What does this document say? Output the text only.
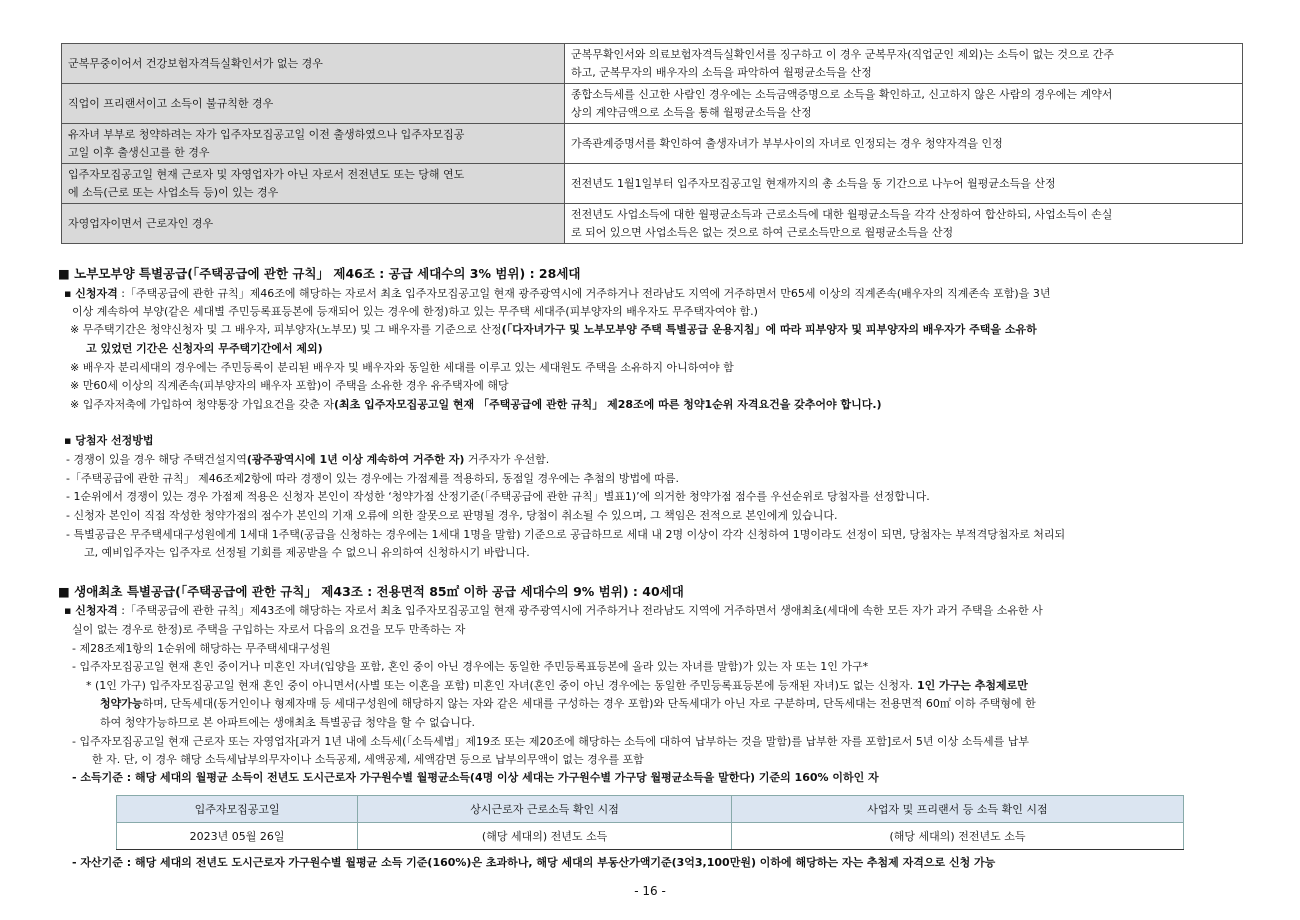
군복무중이어서 건강보험자격득실확인서가 없는 경우	군복무확인서와 의료보험자격득실확인서를 징구하고 이 경우 군복무자(직업군인 제외)는 소득이 없는 것으로 간주
하고, 군복무자의 배우자의 소득을 파악하여 월평균소득을 산정
직업이 프리랜서이고 소득이 불규칙한 경우	종합소득세를 신고한 사람인 경우에는 소득금액증명으로 소득을 확인하고, 신고하지 않은 사람의 경우에는 계약서
상의 계약금액으로 소득을 통해 월평균소득을 산정
유자녀 부부로 청약하려는 자가 입주자모집공고일 이전 출생하였으나 입주자모집공
고일 이후 출생신고를 한 경우	가족관계증명서를 확인하여 출생자녀가 부부사이의 자녀로 인정되는 경우 청약자격을 인정
입주자모집공고일 현재 근로자 및 자영업자가 아닌 자로서 전전년도 또는 당해 연도
에 소득(근로 또는 사업소득 등)이 있는 경우	전전년도 1월1일부터 입주자모집공고일 현재까지의 총 소득을 동 기간으로 나누어 월평균소득을 산정
자영업자이면서 근로자인 경우	전전년도 사업소득에 대한 월평균소득과 근로소득에 대한 월평균소득을 각각 산정하여 합산하되, 사업소득이 손실
로 되어 있으면 사업소득은 없는 것으로 하여 근로소득만으로 월평균소득을 산정
■ 노부모부양 특별공급(「주택공급에 관한 규칙」 제46조 : 공급 세대수의 3% 범위) : 28세대
▪ 신청자격 :「주택공급에 관한 규칙」제46조에 해당하는 자로서 최초 입주자모집공고일 현재 광주광역시에 거주하거나 전라남도 지역에 거주하면서 만65세 이상의 직계존속(배우자의 직계존속 포함)을 3년
이상 계속하여 부양(같은 세대별 주민등록표등본에 등재되어 있는 경우에 한정)하고 있는 무주택 세대주(피부양자의 배우자도 무주택자여야 함.)
※ 무주택기간은 청약신청자 및 그 배우자, 피부양자(노부모) 및 그 배우자를 기준으로 산정(「다자녀가구 및 노부모부양 주택 특별공급 운용지침」에 따라 피부양자 및 피부양자의 배우자가 주택을 소유하
고 있었던 기간은 신청자의 무주택기간에서 제외)
※ 배우자 분리세대의 경우에는 주민등록이 분리된 배우자 및 배우자와 동일한 세대를 이루고 있는 세대원도 주택을 소유하지 아니하여야 함
※ 만60세 이상의 직계존속(피부양자의 배우자 포함)이 주택을 소유한 경우 유주택자에 해당
※ 입주자저축에 가입하여 청약통장 가입요건을 갖춘 자(최초 입주자모집공고일 현재 「주택공급에 관한 규칙」 제28조에 따른 청약1순위 자격요건을 갖추어야 합니다.)
▪ 당첨자 선정방법
- 경쟁이 있을 경우 해당 주택건설지역(광주광역시에 1년 이상 계속하여 거주한 자) 거주자가 우선함.
-「주택공급에 관한 규칙」 제46조제2항에 따라 경쟁이 있는 경우에는 가점제를 적용하되, 동점일 경우에는 추첨의 방법에 따름.
- 1순위에서 경쟁이 있는 경우 가점제 적용은 신청자 본인이 작성한 ‘청약가점 산정기준(「주택공급에 관한 규칙」별표1)’에 의거한 청약가점 점수를 우선순위로 당첨자를 선정합니다.
- 신청자 본인이 직접 작성한 청약가점의 점수가 본인의 기재 오류에 의한 잘못으로 판명될 경우, 당첨이 취소될 수 있으며, 그 책임은 전적으로 본인에게 있습니다.
- 특별공급은 무주택세대구성원에게 1세대 1주택(공급을 신청하는 경우에는 1세대 1명을 말함) 기준으로 공급하므로 세대 내 2명 이상이 각각 신청하여 1명이라도 선정이 되면, 당첨자는 부적격당첨자로 처리되
고, 예비입주자는 입주자로 선정될 기회를 제공받을 수 없으니 유의하여 신청하시기 바랍니다.
■ 생애최초 특별공급(「주택공급에 관한 규칙」 제43조 : 전용면적 85㎡ 이하 공급 세대수의 9% 범위) : 40세대
▪ 신청자격 :「주택공급에 관한 규칙」제43조에 해당하는 자로서 최초 입주자모집공고일 현재 광주광역시에 거주하거나 전라남도 지역에 거주하면서 생애최초(세대에 속한 모든 자가 과거 주택을 소유한 사
실이 없는 경우로 한정)로 주택을 구입하는 자로서 다음의 요건을 모두 만족하는 자
- 제28조제1항의 1순위에 해당하는 무주택세대구성원
- 입주자모집공고일 현재 혼인 중이거나 미혼인 자녀(입양을 포함, 혼인 중이 아닌 경우에는 동일한 주민등록표등본에 올라 있는 자녀를 말함)가 있는 자 또는 1인 가구*
* (1인 가구) 입주자모집공고일 현재 혼인 중이 아니면서(사별 또는 이혼을 포함) 미혼인 자녀(혼인 중이 아닌 경우에는 동일한 주민등록표등본에 등재된 자녀)도 없는 신청자. 1인 가구는 추첨제로만
청약가능하며, 단독세대(동거인이나 형제자매 등 세대구성원에 해당하지 않는 자와 같은 세대를 구성하는 경우 포함)와 단독세대가 아닌 자로 구분하며, 단독세대는 전용면적 60㎡ 이하 주택형에 한
하여 청약가능하므로 본 아파트에는 생애최초 특별공급 청약을 할 수 없습니다.
- 입주자모집공고일 현재 근로자 또는 자영업자[과거 1년 내에 소득세(「소득세법」제19조 또는 제20조에 해당하는 소득에 대하여 납부하는 것을 말함)를 납부한 자를 포함]로서 5년 이상 소득세를 납부
한 자. 단, 이 경우 해당 소득세납부의무자이나 소득공제, 세액공제, 세액감면 등으로 납부의무액이 없는 경우를 포함
- 소득기준 : 해당 세대의 월평균 소득이 전년도 도시근로자 가구원수별 월평균소득(4명 이상 세대는 가구원수별 가구당 월평균소득을 말한다) 기준의 160% 이하인 자
입주자모집공고일	상시근로자 근로소득 확인 시점	사업자 및 프리랜서 등 소득 확인 시점
2023년 05월 26일	(해당 세대의) 전년도 소득	(해당 세대의) 전전년도 소득
- 자산기준 : 해당 세대의 전년도 도시근로자 가구원수별 월평균 소득 기준(160%)은 초과하나, 해당 세대의 부동산가액기준(3억3,100만원) 이하에 해당하는 자는 추첨제 자격으로 신청 가능
- 16 -
